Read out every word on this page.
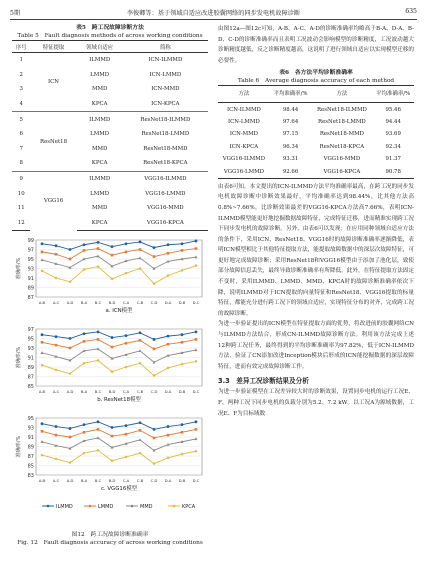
5期	李俊卿等：基于领域自适应改进胶囊网络的同步发电机故障诊断	635
表5　跨工况故障诊断方法
Table 5　Fault diagnosis methods of across working conditions
序号	特征提取	领域自适应	简称
1	ICN	ILMMD	ICN-ILMMD
2		LMMD	ICN-LMMD
3		MMD	ICN-MMD
4		KPCA	ICN-KPCA
5	ResNet18	ILMMD	ResNet18-ILMMD
6		LMMD	ResNet18-LMMD
7		MMD	ResNet18-MMD
8		KPCA	ResNet18-KPCA
9	VGG16	ILMMD	VGG16-ILMMD
10		LMMD	VGG16-LMMD
11		MMD	VGG16-MMD
12		KPCA	VGG16-KPCA
87
89
91
93
95
97
99
准确率/%
A-B A-C A-D B-A B-C B-D C-A C-B C-D D-A D-B D-C
a. ICN模型
85
87
89
91
93
95
97
准确率/%
A-B A-C A-D B-A B-C B-D C-A C-B C-D D-A D-B D-C
b. ResNet18模型
83
85
87
89
91
93
95
准确率/%
A-B A-C A-D B-A B-C B-D C-A C-B C-D D-A D-B D-C
c. VGG16模型
ILMMD	LMMD	MMD	KPCA
图12　跨工况故障诊断准确率
Fig. 12　Fault diagnosis accuracy of across working conditions
由图12a—图12c可知，A-B、A-C、A-D的诊断准确率均略高于B-A、D-A、B-D、C-D的诊断准确率而且表明工况波动会影响模型的诊断精度，工况波动越大诊断精度越低，反之诊断精度越高，这说明了进行领域自适应以实现模型迁移的必要性。
表6　各方法平均诊断准确率
Table 6　Average diagnosis accuracy of each method
方法	平均准确率/%	方法	平均准确率/%
ICN-ILMMD	98.44	ResNet18-ILMMD	95.46
ICN-LMMD	97.64	ResNet18-LMMD	94.44
ICN-MMD	97.15	ResNet18-MMD	93.69
ICN-KPCA	96.34	ResNet18-KPCA	92.34
VGG16-ILMMD	93.31	VGG16-MMD	91.37
VGG16-LMMD	92.66	VGG16-KPCA	90.78
由表6可知，本文提出的ICN-ILMMD方法平均准确率最高，在跨工况的同步发电机故障诊断中诊断效果最好，平均准确率达到98.44%，比其他方法高0.8%~7.66%，比诊断效果最差的VGG16-KPCA方法高7.66%，表明ICN-ILMMD模型能更好地挖掘数据故障特征，完成特征迁移，进而精准实现跨工况下同步发电机的故障诊断。另外，由表6可以发现：在应用同种领域自适应方法的条件下，采用ICN、ResNet18、VGG16时的故障诊断准确率逐渐降低，表明ICN模型相比于其他特征提取方法，能提取故障数据中的深层次故障特征，可更好地完成故障诊断；采用ResNet18和VGG16模型由于添加了池化层，致使部分故障信息丢失，最终导致诊断准确率有所降低。此外，在特征提取方法固定不变时，采用ILMMD、LMMD、MMD、KPCA时的故障诊断准确率依次下降，说明ILMMD对于ICN提取的向量特征和ResNet18、VGG16提取的标量特征，都能充分进行跨工况下的领域自适应，实现特征分布的对齐，完成跨工况的故障诊断。
为进一步验证提出的ICN模型在特征提取方面的优势，将改进前的胶囊网络CN与ILMMD方法结合，形成CN-ILMMD故障诊断方法。利用该方法完成上述12种跨工况任务，最终得到的平均诊断准确率为97.82%，低于ICN-ILMMD方法，验证了CN添加改进Inception模块后形成的ICN能挖掘数据的深层故障特征，进而有效完成故障诊断工作。
3.3　差异工况诊断结果及分析
为进一步验证模型在工况差异较大时的诊断效果，设置同步电机的运行工况E、F，两种工况下同步电机的负载分别为5.2、7.2 kW。以工况A为源域数据，工况E、F为目标域数
